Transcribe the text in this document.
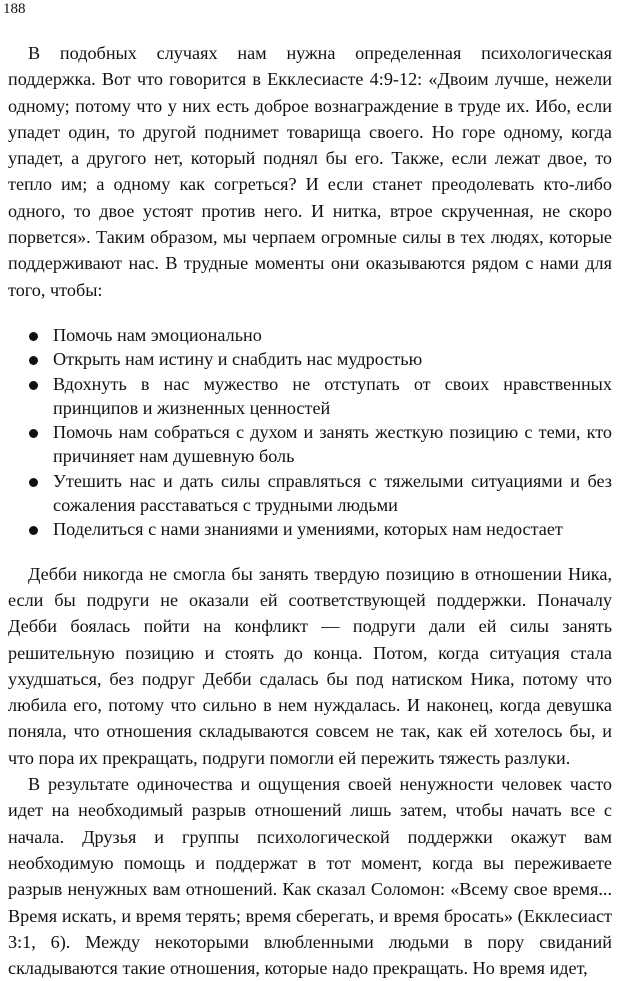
188

В подобных случаях нам нужна определенная психологическая поддержка. Вот что говорится в Екклесиасте 4:9-12: «Двоим лучше, нежели одному; потому что у них есть доброе вознаграждение в труде их. Ибо, если упадет один, то другой поднимет товарища своего. Но горе одному, когда упадет, а другого нет, который поднял бы его. Также, если лежат двое, то тепло им; а одному как согреться? И если станет преодолевать кто-либо одного, то двое устоят против него. И нитка, втрое скрученная, не скоро порвется». Таким образом, мы черпаем огромные силы в тех людях, которые поддерживают нас. В трудные моменты они оказываются рядом с нами для того, чтобы:

Помочь нам эмоционально
Открыть нам истину и снабдить нас мудростью
Вдохнуть в нас мужество не отступать от своих нравственных принципов и жизненных ценностей
Помочь нам собраться с духом и занять жесткую позицию с теми, кто причиняет нам душевную боль
Утешить нас и дать силы справляться с тяжелыми ситуациями и без сожаления расставаться с трудными людьми
Поделиться с нами знаниями и умениями, которых нам недостает

Дебби никогда не смогла бы занять твердую позицию в отношении Ника, если бы подруги не оказали ей соответствующей поддержки. Поначалу Дебби боялась пойти на конфликт — подруги дали ей силы занять решительную позицию и стоять до конца. Потом, когда ситуация стала ухудшаться, без подруг Дебби сдалась бы под натиском Ника, потому что любила его, потому что сильно в нем нуждалась. И наконец, когда девушка поняла, что отношения складываются совсем не так, как ей хотелось бы, и что пора их прекращать, подруги помогли ей пережить тяжесть разлуки.

В результате одиночества и ощущения своей ненужности человек часто идет на необходимый разрыв отношений лишь затем, чтобы начать все с начала. Друзья и группы психологической поддержки окажут вам необходимую помощь и поддержат в тот момент, когда вы переживаете разрыв ненужных вам отношений. Как сказал Соломон: «Всему свое время... Время искать, и время терять; время сберегать, и время бросать» (Екклесиаст 3:1, 6). Между некоторыми влюбленными людьми в пору свиданий складываются такие отношения, которые надо прекращать. Но время идет,
